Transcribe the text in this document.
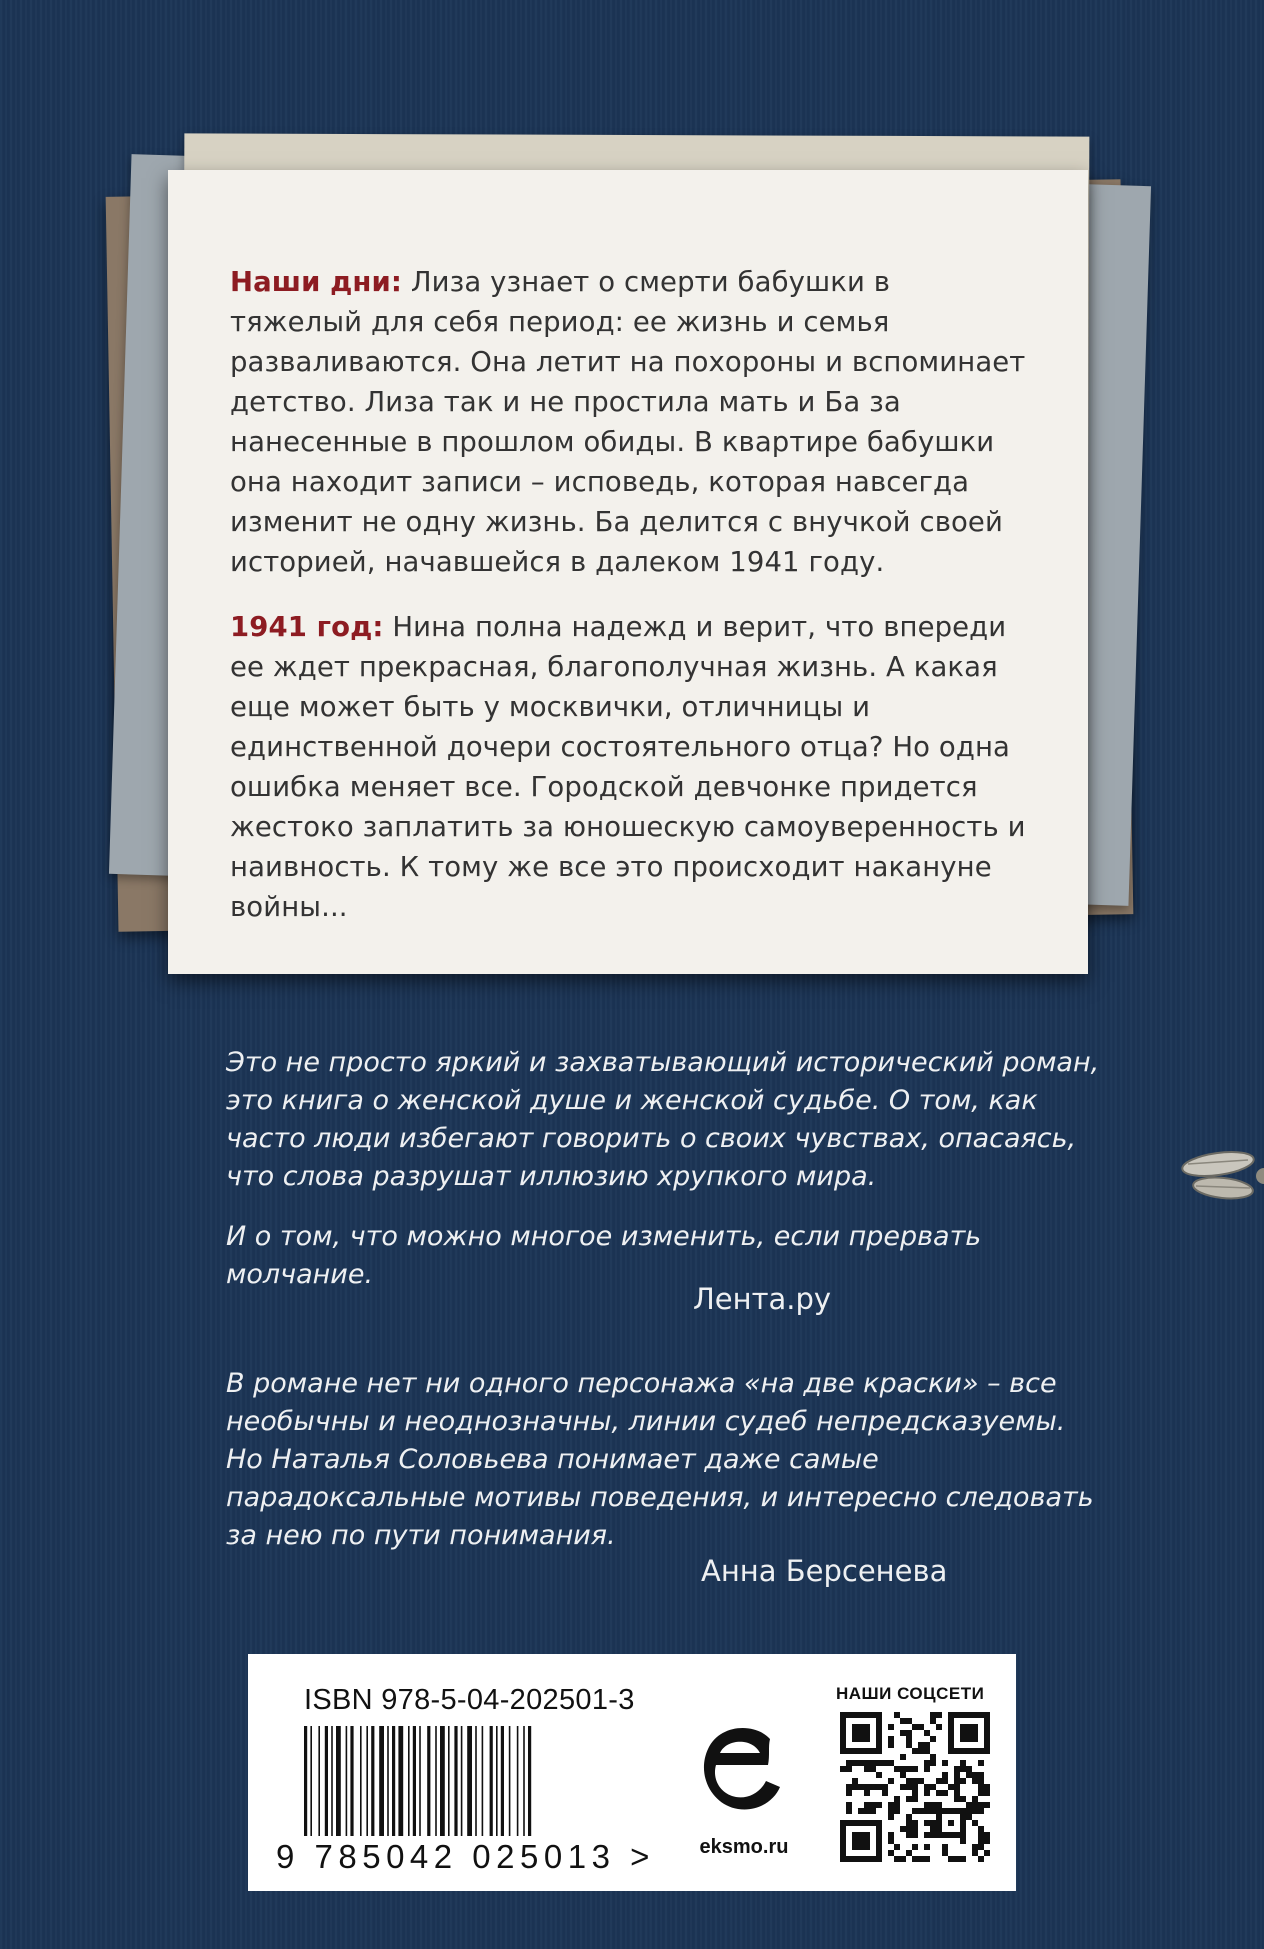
Наши дни: Лиза узнает о смерти бабушки в тяжелый для себя период: ее жизнь и семья разваливаются. Она летит на похороны и вспоминает детство. Лиза так и не простила мать и Ба за нанесенные в прошлом обиды. В квартире бабушки она находит записи – исповедь, которая навсегда изменит не одну жизнь. Ба делится с внучкой своей историей, начавшейся в далеком 1941 году.

1941 год: Нина полна надежд и верит, что впереди ее ждет прекрасная, благополучная жизнь. А какая еще может быть у москвички, отличницы и единственной дочери состоятельного отца? Но одна ошибка меняет все. Городской девчонке придется жестоко заплатить за юношескую самоуверенность и наивность. К тому же все это происходит накануне войны...

Это не просто яркий и захватывающий исторический роман, это книга о женской душе и женской судьбе. О том, как часто люди избегают говорить о своих чувствах, опасаясь, что слова разрушат иллюзию хрупкого мира.

И о том, что можно многое изменить, если прервать молчание.

Лента.ру

В романе нет ни одного персонажа «на две краски» – все необычны и неоднозначны, линии судеб непредсказуемы. Но Наталья Соловьева понимает даже самые парадоксальные мотивы поведения, и интересно следовать за нею по пути понимания.

Анна Берсенева
ISBN 978-5-04-202501-3
9 785042 025013 >	eksmo.ru
НАШИ СОЦСЕТИ
